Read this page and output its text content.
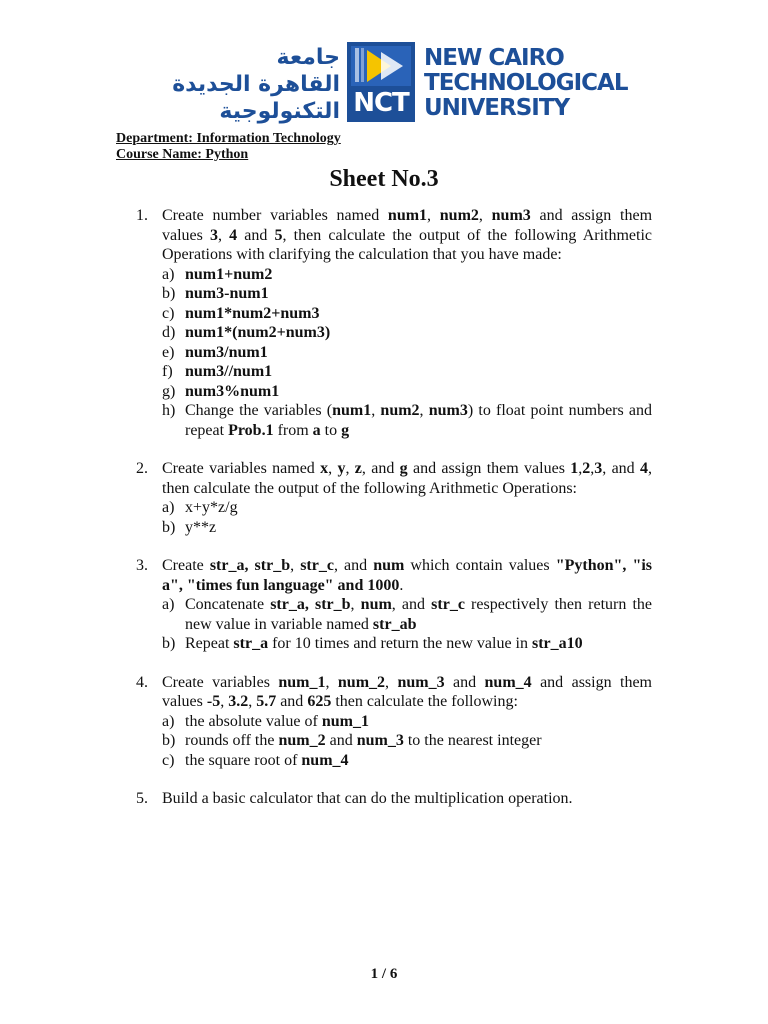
جامعة
القاهرة الجديدة
التكنولوجية NCT
NEW CAIRO
TECHNOLOGICAL
UNIVERSITY
Department: Information Technology
Course Name: Python
Sheet No.3
1. Create number variables named num1, num2, num3 and assign them values 3, 4 and 5, then calculate the output of the following Arithmetic Operations with clarifying the calculation that you have made:
a) num1+num2
b) num3-num1
c) num1*num2+num3
d) num1*(num2+num3)
e) num3/num1
f) num3//num1
g) num3%num1
h) Change the variables (num1, num2, num3) to float point numbers and repeat Prob.1 from a to g
2. Create variables named x, y, z, and g and assign them values 1,2,3, and 4, then calculate the output of the following Arithmetic Operations:
a) x+y*z/g
b) y**z
3. Create str_a, str_b, str_c, and num which contain values "Python", "is a", "times fun language" and 1000.
a) Concatenate str_a, str_b, num, and str_c respectively then return the new value in variable named str_ab
b) Repeat str_a for 10 times and return the new value in str_a10
4. Create variables num_1, num_2, num_3 and num_4 and assign them values -5, 3.2, 5.7 and 625 then calculate the following:
a) the absolute value of num_1
b) rounds off the num_2 and num_3 to the nearest integer
c) the square root of num_4
5. Build a basic calculator that can do the multiplication operation.
1 / 6
